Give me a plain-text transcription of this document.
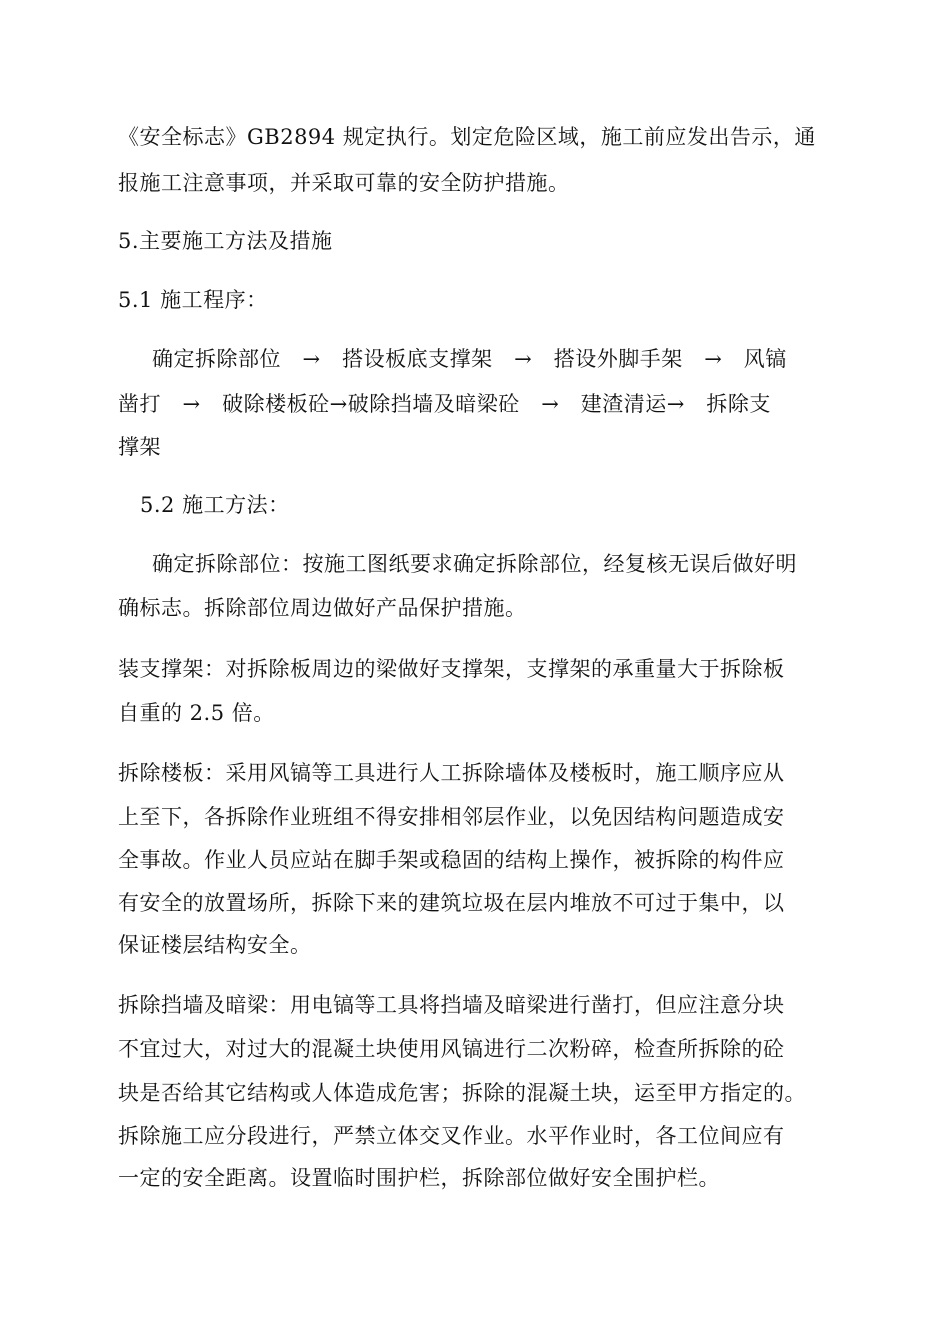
《安全标志》GB2894 规定执行。划定危险区域，施工前应发出告示，通
报施工注意事项，并采取可靠的安全防护措施。
5.主要施工方法及措施
5.1 施工程序：
确定拆除部位　→　搭设板底支撑架　→　搭设外脚手架　→　风镐
凿打　→　破除楼板砼→破除挡墙及暗梁砼　→　建渣清运→　拆除支
撑架
5.2 施工方法：
确定拆除部位：按施工图纸要求确定拆除部位，经复核无误后做好明
确标志。拆除部位周边做好产品保护措施。
装支撑架：对拆除板周边的梁做好支撑架，支撑架的承重量大于拆除板
自重的 2.5 倍。
拆除楼板：采用风镐等工具进行人工拆除墙体及楼板时，施工顺序应从
上至下，各拆除作业班组不得安排相邻层作业，以免因结构问题造成安
全事故。作业人员应站在脚手架或稳固的结构上操作，被拆除的构件应
有安全的放置场所，拆除下来的建筑垃圾在层内堆放不可过于集中，以
保证楼层结构安全。
拆除挡墙及暗梁：用电镐等工具将挡墙及暗梁进行凿打，但应注意分块
不宜过大，对过大的混凝土块使用风镐进行二次粉碎，检查所拆除的砼
块是否给其它结构或人体造成危害；拆除的混凝土块，运至甲方指定的。
拆除施工应分段进行，严禁立体交叉作业。水平作业时，各工位间应有
一定的安全距离。设置临时围护栏，拆除部位做好安全围护栏。
